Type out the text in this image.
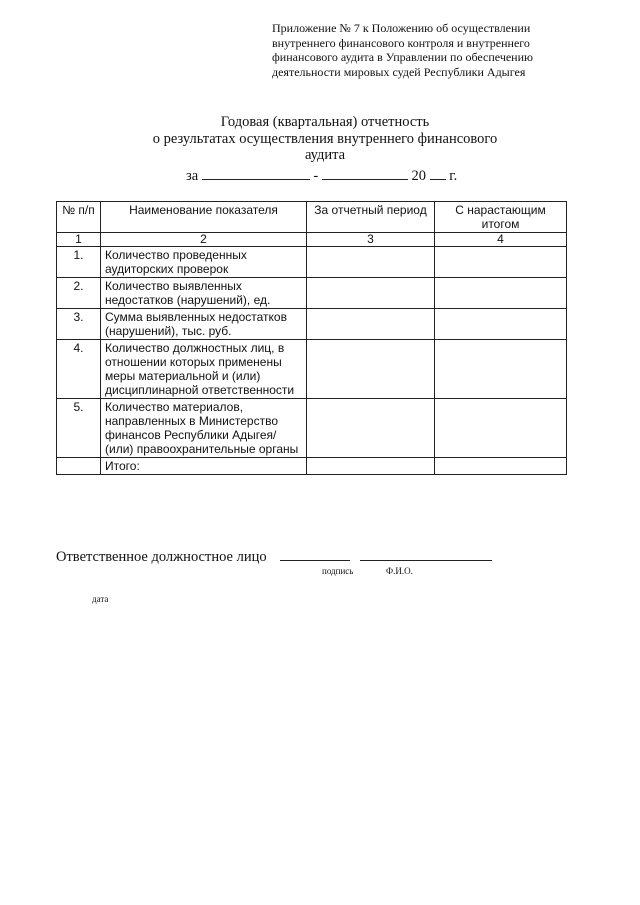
Приложение № 7 к Положению об осуществлении
внутреннего финансового контроля и внутреннего
финансового аудита в Управлении по обеспечению
деятельности мировых судей Республики Адыгея
Годовая (квартальная) отчетность
о результатах осуществления внутреннего финансового
аудита
за	-	20 г.
№ п/п	Наименование показателя	За отчетный период	С нарастающим итогом
1	2	3	4
1.	Количество проведенных аудиторских проверок		
2.	Количество выявленных недостатков (нарушений), ед.		
3.	Сумма выявленных недостатков (нарушений), тыс. руб.		
4.	Количество должностных лиц, в отношении которых применены меры материальной и (или) дисциплинарной ответственности		
5.	Количество материалов, направленных в Министерство финансов Республики Адыгея/ (или) правоохранительные органы		
	Итого:		
Ответственное должностное лицо
подпись	Ф.И.О.
дата
